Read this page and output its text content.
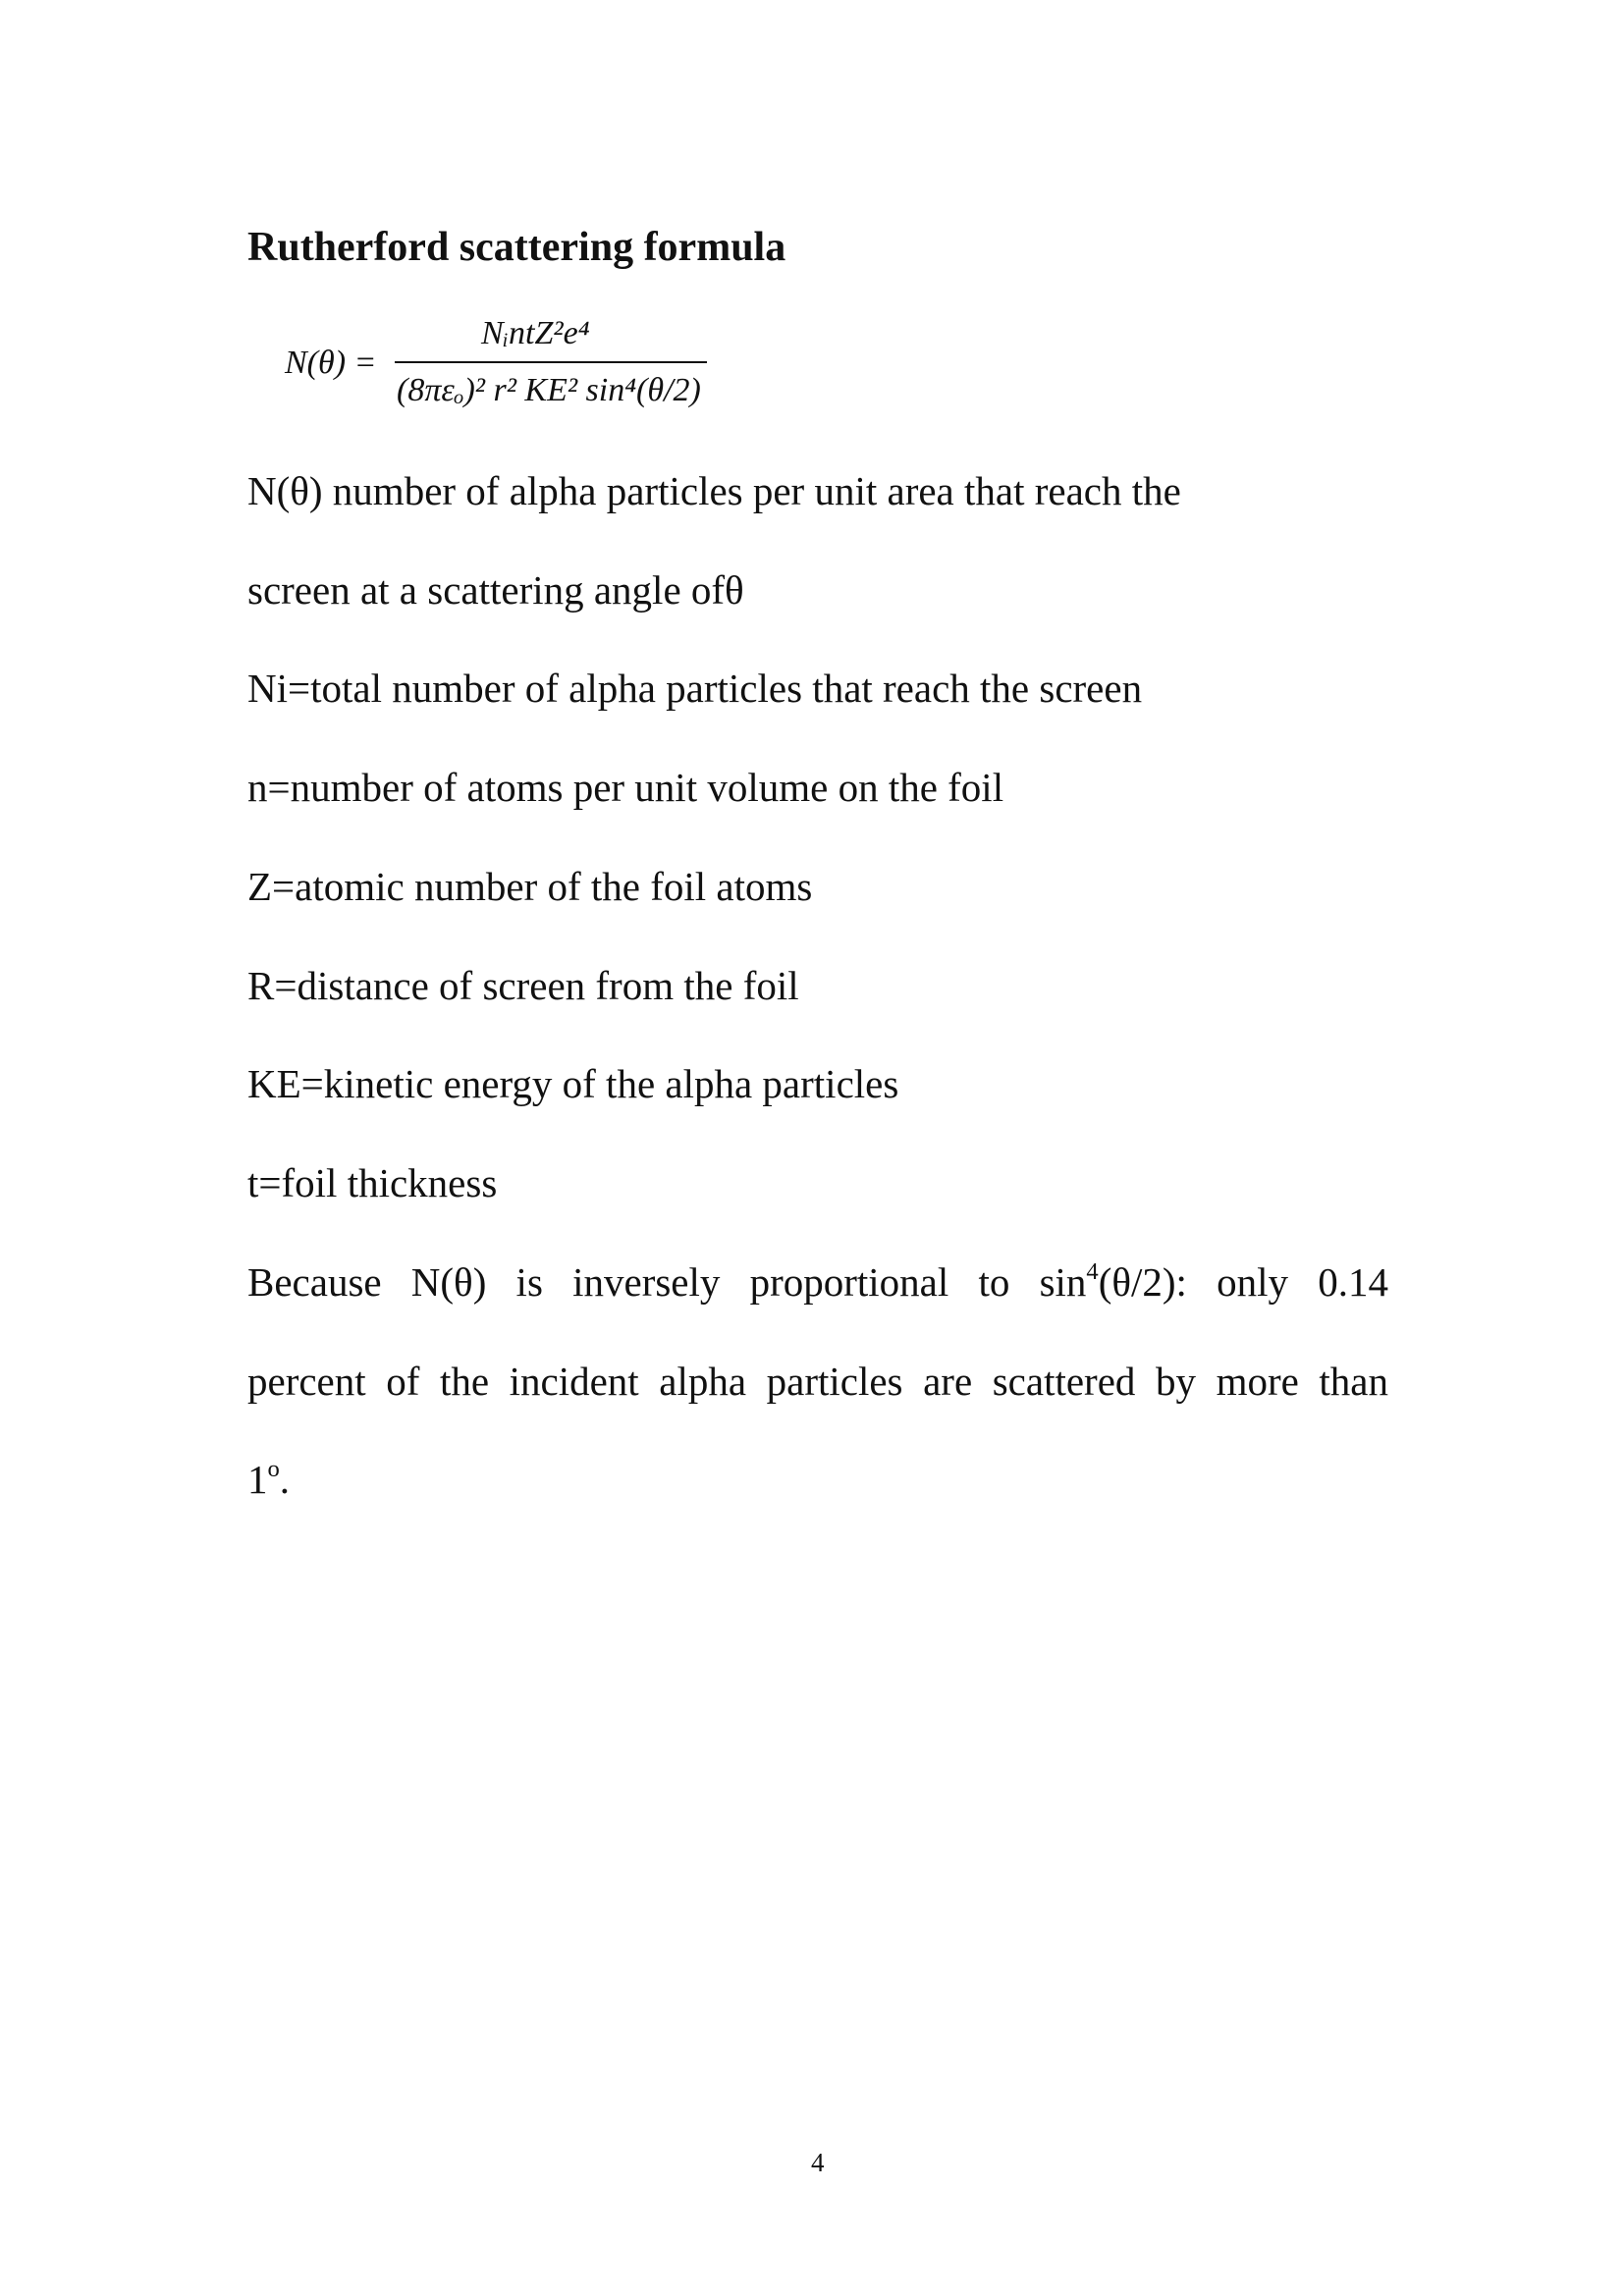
Rutherford scattering formula
N(θ) =
NᵢntZ²e⁴
(8πεₒ)² r² KE² sin⁴(θ/2)
N(θ) number of alpha particles per unit area that reach the
screen at a scattering angle ofθ
Ni=total number of alpha particles that reach the screen
n=number of atoms per unit volume on the foil
Z=atomic number of the foil atoms
R=distance of screen from the foil
KE=kinetic energy of the alpha particles
t=foil thickness
Because N(θ) is inversely proportional to $\sin^4(\theta/2)$: only 0.14
percent of the incident alpha particles are scattered by more than
1$^o$.
4
